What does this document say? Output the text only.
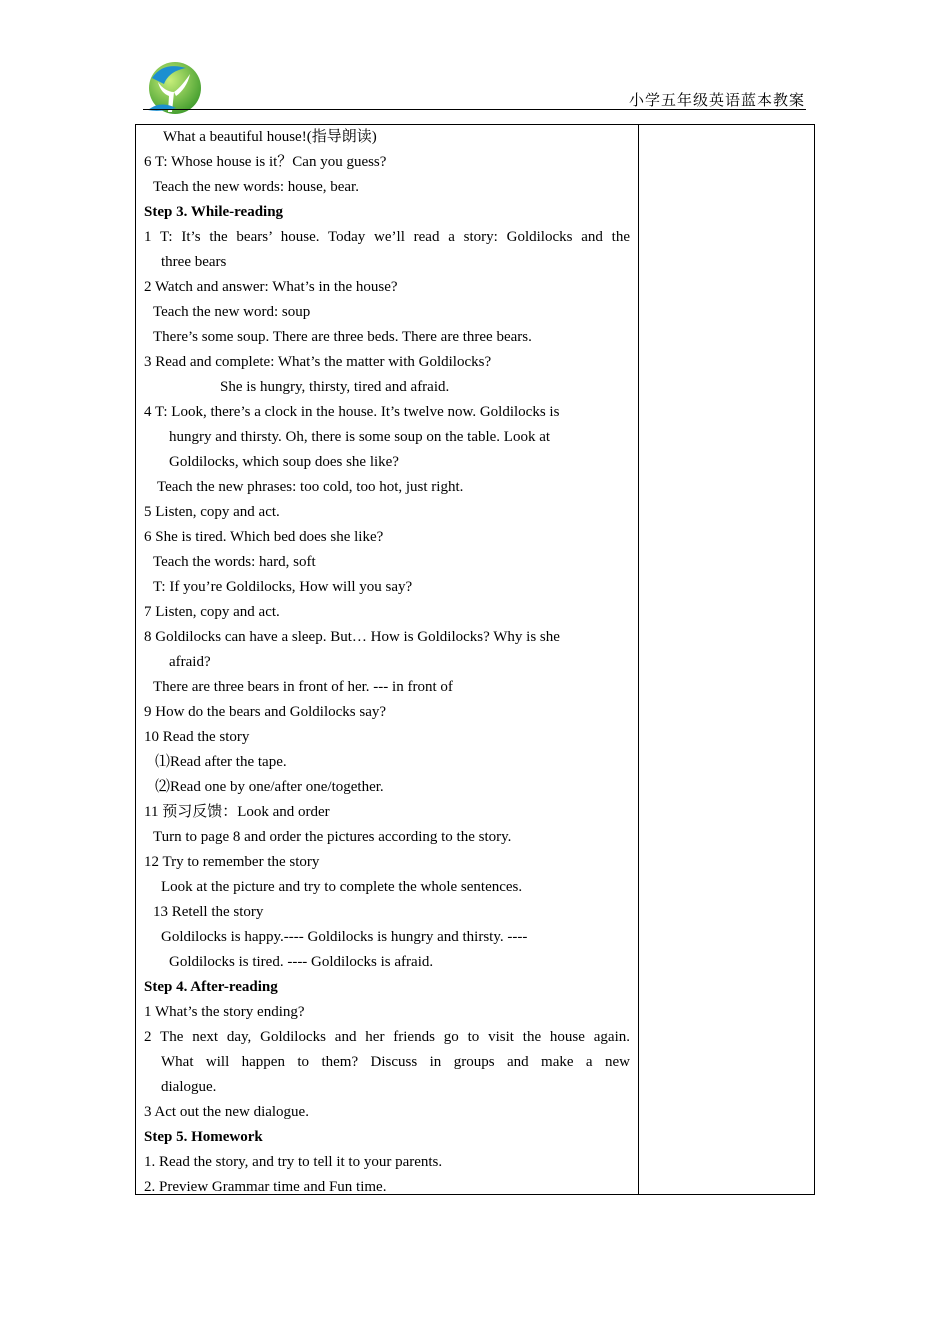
小学五年级英语蓝本教案
What a beautiful house!(指导朗读)
6 T: Whose house is it？Can you guess?
Teach the new words: house, bear.
Step 3. While-reading
1 T: It’s the bears’ house. Today we’ll read a story: Goldilocks and the
three bears
2 Watch and answer: What’s in the house?
Teach the new word: soup
There’s some soup. There are three beds. There are three bears.
3 Read and complete: What’s the matter with Goldilocks?
She is hungry, thirsty, tired and afraid.
4 T: Look, there’s a clock in the house. It’s twelve now. Goldilocks is
hungry and thirsty. Oh, there is some soup on the table. Look at
Goldilocks, which soup does she like?
Teach the new phrases: too cold, too hot, just right.
5 Listen, copy and act.
6 She is tired. Which bed does she like?
Teach the words: hard, soft
T: If you’re Goldilocks, How will you say?
7 Listen, copy and act.
8 Goldilocks can have a sleep. But… How is Goldilocks? Why is she
afraid?
There are three bears in front of her. --- in front of
9 How do the bears and Goldilocks say?
10 Read the story
⑴Read after the tape.
⑵Read one by one/after one/together.
11 预习反馈：Look and order
Turn to page 8 and order the pictures according to the story.
12 Try to remember the story
Look at the picture and try to complete the whole sentences.
13 Retell the story
Goldilocks is happy.---- Goldilocks is hungry and thirsty. ----
Goldilocks is tired. ---- Goldilocks is afraid.
Step 4. After-reading
1 What’s the story ending?
2 The next day, Goldilocks and her friends go to visit the house again.
What will happen to them? Discuss in groups and make a new
dialogue.
3 Act out the new dialogue.
Step 5. Homework
1. Read the story, and try to tell it to your parents.
2. Preview Grammar time and Fun time.
